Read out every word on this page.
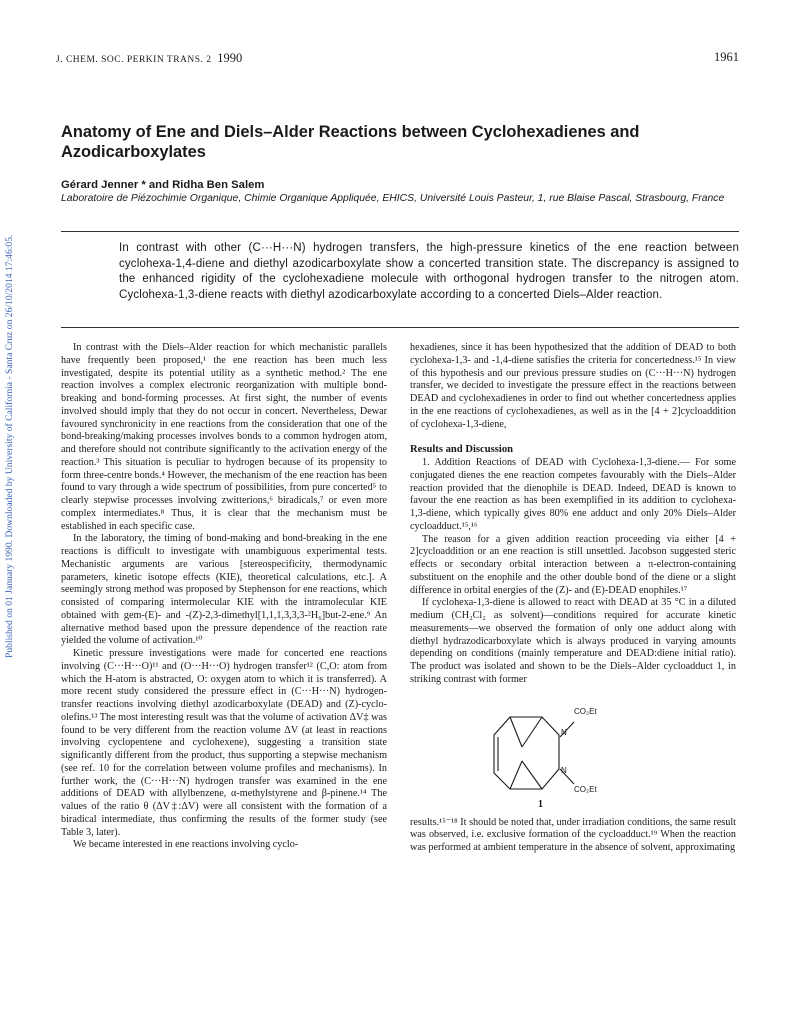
J. CHEM. SOC. PERKIN TRANS. 2 1990	1961
Published on 01 January 1990. Downloaded by University of California - Santa Cruz on 26/10/2014 17:46:05.
Anatomy of Ene and Diels–Alder Reactions between Cyclohexadienes and Azodicarboxylates

Gérard Jenner * and Ridha Ben Salem

Laboratoire de Piézochimie Organique, Chimie Organique Appliquée, EHICS, Université Louis Pasteur, 1, rue Blaise Pascal, Strasbourg, France

In contrast with other (C···H···N) hydrogen transfers, the high-pressure kinetics of the ene reaction between cyclohexa-1,4-diene and diethyl azodicarboxylate show a concerted transition state. The discrepancy is assigned to the enhanced rigidity of the cyclohexadiene molecule with orthogonal hydrogen transfer to the nitrogen atom. Cyclohexa-1,3-diene reacts with diethyl azodicarboxylate according to a concerted Diels–Alder reaction.

In contrast with the Diels–Alder reaction for which mechanistic parallels have frequently been proposed,¹ the ene reaction has been much less investigated, despite its potential utility as a synthetic method.² The ene reaction involves a complex electronic reorganization with multiple bond-breaking and bond-forming processes. At first sight, the number of events involved should imply that they do not occur in concert. Nevertheless, Dewar favoured synchronicity in ene reactions from the consideration that one of the bond-breaking/making processes involves bonds to a common hydrogen atom, and therefore should not contribute significantly to the activation energy of the reaction.³ This situation is peculiar to hydrogen because of its propensity to form three-centre bonds.⁴ However, the mechanism of the ene reaction has been found to vary through a wide spectrum of possibilities, from pure concerted⁵ to clearly stepwise processes involving zwitterions,⁶ biradicals,⁷ or even more complex intermediates.⁸ Thus, it is clear that the mechanism must be established in each specific case.

In the laboratory, the timing of bond-making and bond-breaking in the ene reactions is difficult to investigate with unambiguous experimental tests. Mechanistic arguments are various [stereospecificity, thermodynamic parameters, kinetic isotope effects (KIE), theoretical calculations, etc.]. A seemingly strong method was proposed by Stephenson for ene reactions, which consisted of comparing intermolecular KIE with the intramolecular KIE obtained with gem-(E)- and -(Z)-2,3-dimethyl[1,1,1,3,3,3-²H₆]but-2-ene.⁹ An alternative method based upon the pressure dependence of the reaction rate yielded the volume of activation.¹⁰

Kinetic pressure investigations were made for concerted ene reactions involving (C···H···O)¹¹ and (O···H···O) hydrogen transfer¹² (C,O: atom from which the H-atom is abstracted, O: oxygen atom to which it is transferred). A more recent study considered the pressure effect in (C···H···N) hydrogen-transfer reactions involving diethyl azodicarboxylate (DEAD) and (Z)-cyclo-olefins.¹³ The most interesting result was that the volume of activation ΔV‡ was found to be very different from the reaction volume ΔV (at least in reactions involving cyclopentene and cyclohexene), suggesting a transition state significantly different from the product, thus supporting a stepwise mechanism (see ref. 10 for the correlation between volume profiles and mechanisms). In further work, the (C···H···N) hydrogen transfer was examined in the ene additions of DEAD with allylbenzene, α-methylstyrene and β-pinene.¹⁴ The values of the ratio θ (ΔV‡:ΔV) were all consistent with the formation of a biradical intermediate, thus confirming the results of the former study (see Table 3, later).

We became interested in ene reactions involving cyclo-

hexadienes, since it has been hypothesized that the addition of DEAD to both cyclohexa-1,3- and -1,4-diene satisfies the criteria for concertedness.¹⁵ In view of this hypothesis and our previous pressure studies on (C···H···N) hydrogen transfer, we decided to investigate the pressure effect in the reactions between DEAD and cyclohexadienes in order to find out whether concertedness applies in the ene reactions of cyclohexadienes, as well as in the [4 + 2]cycloaddition of cyclohexa-1,3-diene,

Results and Discussion

1. Addition Reactions of DEAD with Cyclohexa-1,3-diene.— For some conjugated dienes the ene reaction competes favourably with the Diels–Alder reaction provided that the dienophile is DEAD. Indeed, DEAD is known to favour the ene reaction as has been exemplified in its addition to cyclohexa-1,3-diene, which typically gives 80% ene adduct and only 20% Diels–Alder cycloadduct.¹⁵,¹⁶

The reason for a given addition reaction proceeding via either [4 + 2]cycloaddition or an ene reaction is still unsettled. Jacobson suggested steric effects or secondary orbital interaction between a π-electron-containing substituent on the enophile and the other double bond of the diene or a slight difference in orbital energies of the (Z)- and (E)-DEAD enophiles.¹⁷

If cyclohexa-1,3-diene is allowed to react with DEAD at 35 °C in a diluted medium (CH₂Cl₂ as solvent)—conditions required for accurate kinetic measurements—we observed the formation of only one adduct along with diethyl hydrazodicarboxylate which is always produced in varying amounts depending on conditions (mainly temperature and DEAD:diene initial ratio). The product was isolated and shown to be the Diels–Alder cycloadduct 1, in striking contrast with former

CO₂Et
N
N
CO₂Et
1

results.¹⁵⁻¹⁸ It should be noted that, under irradiation conditions, the same result was observed, i.e. exclusive formation of the cycloadduct.¹⁹ When the reaction was performed at ambient temperature in the absence of solvent, approximating
